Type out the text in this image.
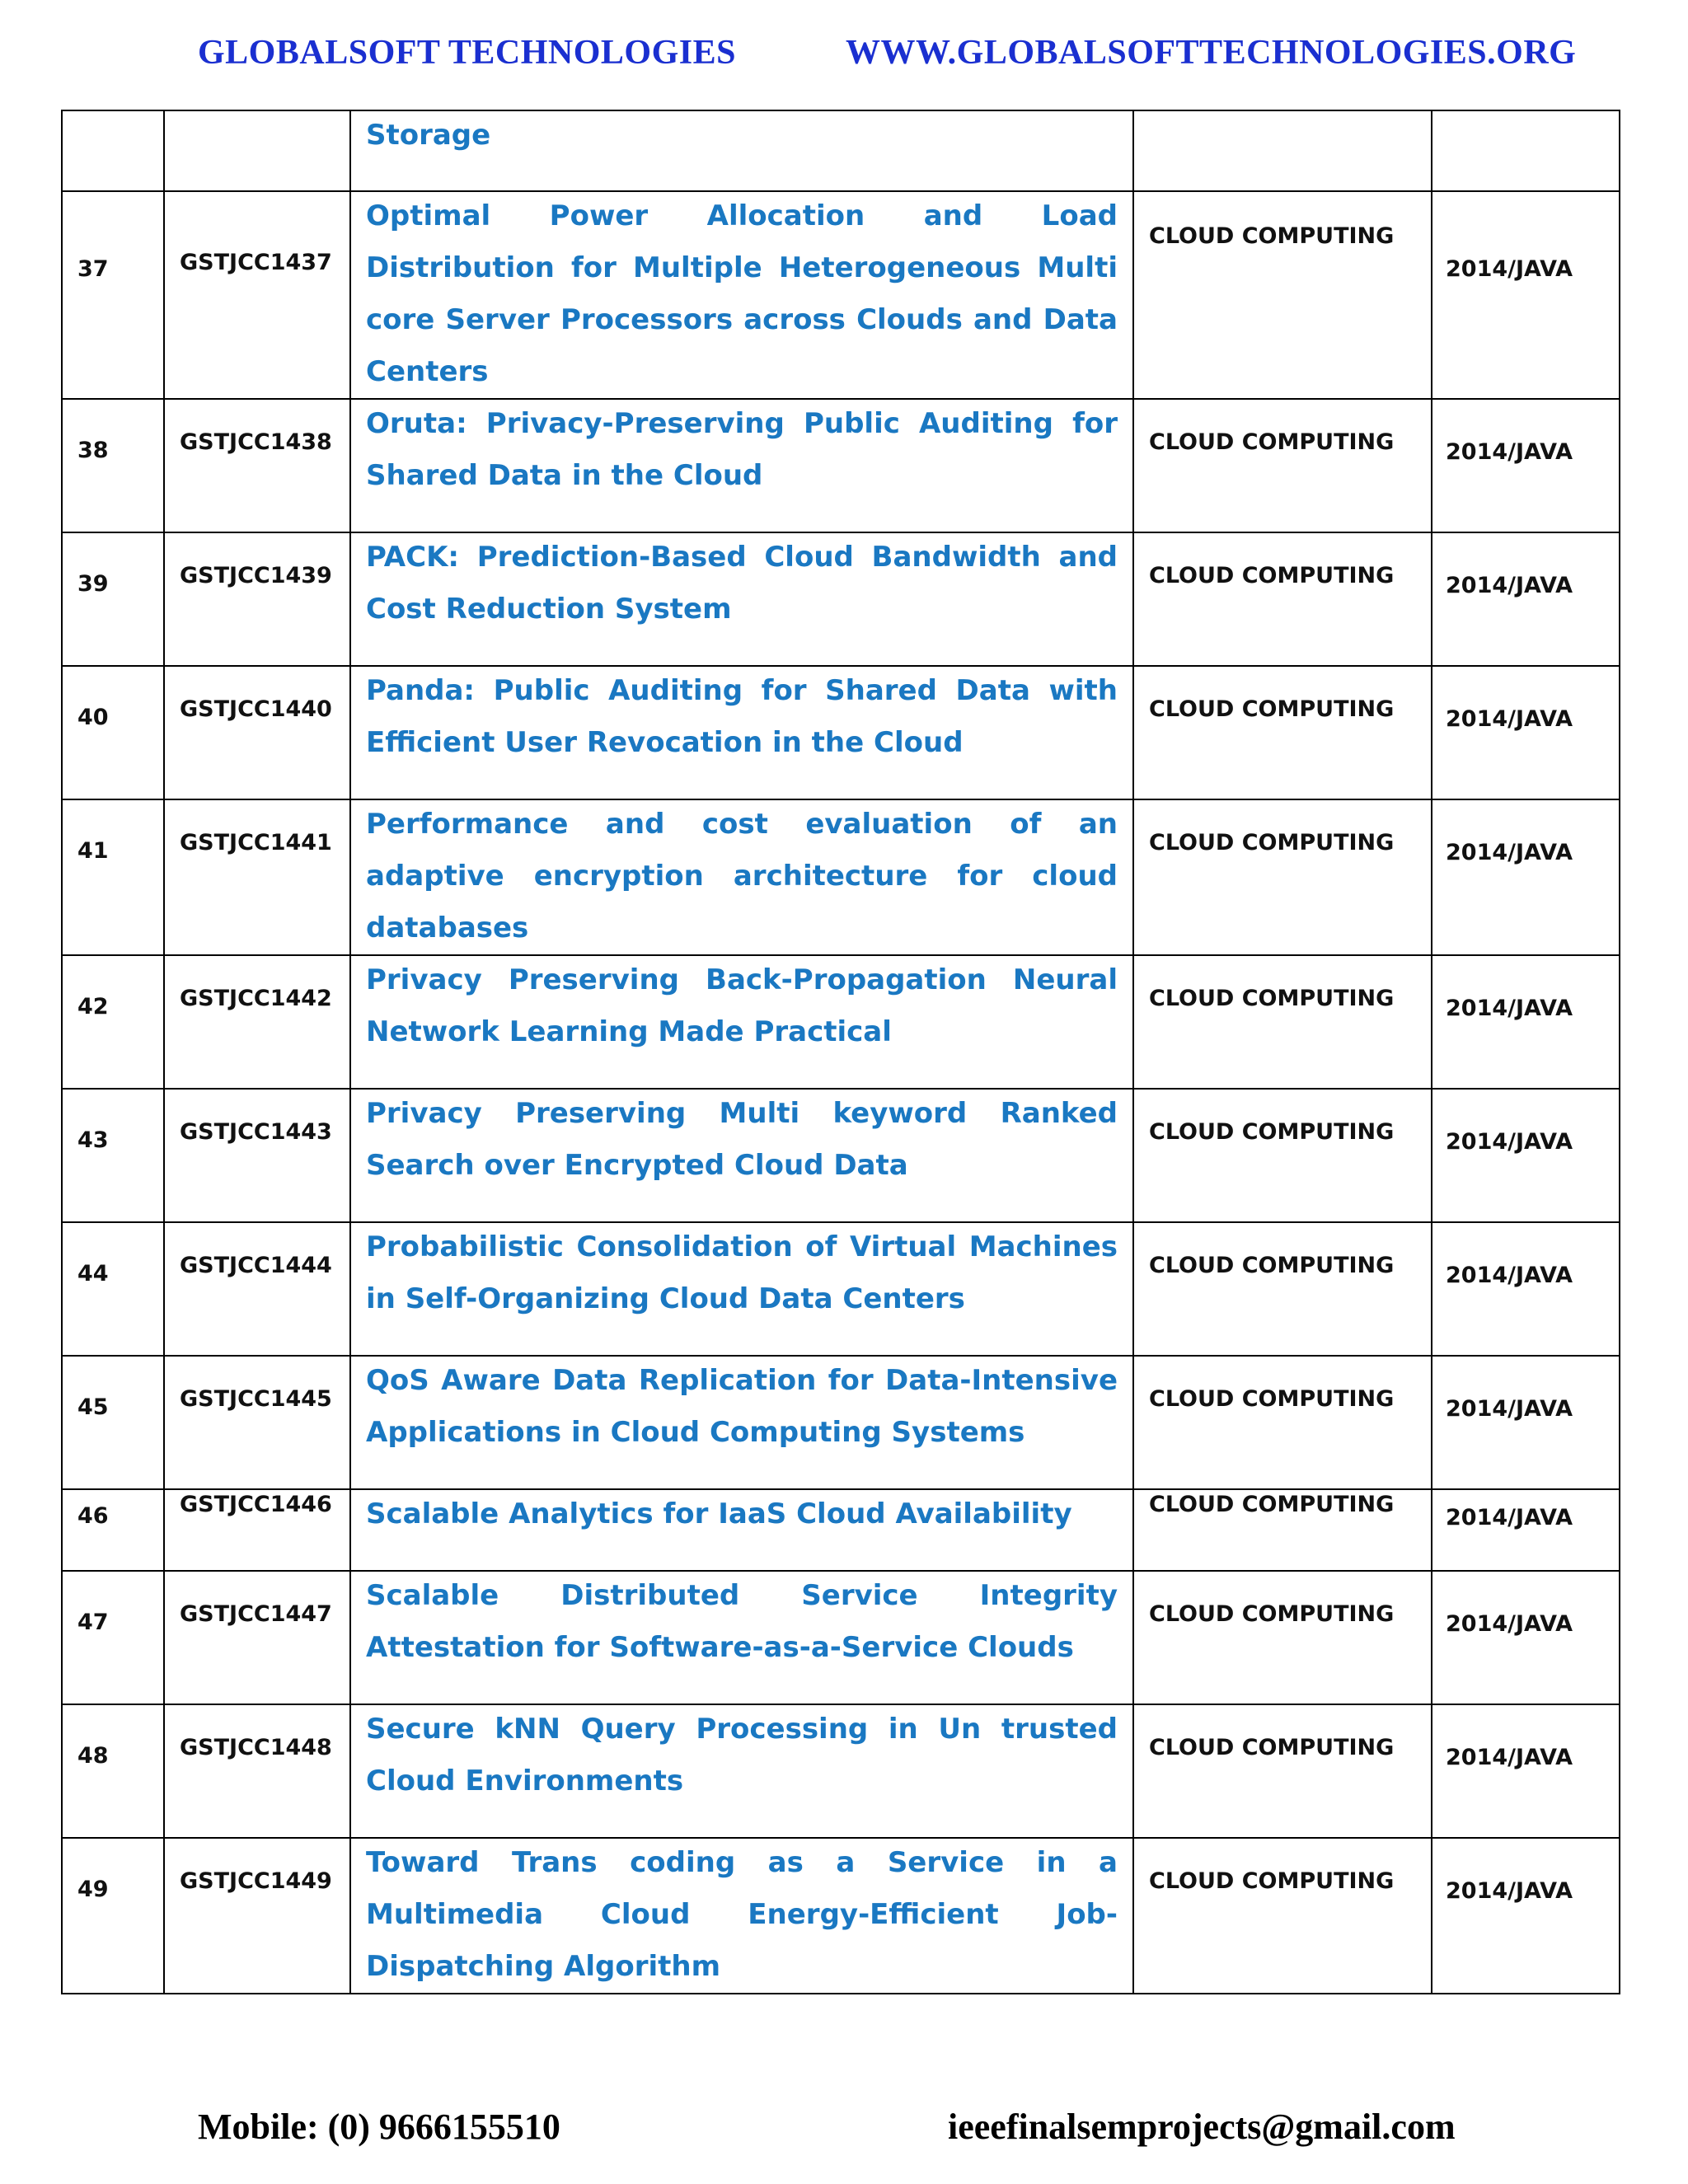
GLOBALSOFT TECHNOLOGIES	WWW.GLOBALSOFTTECHNOLOGIES.ORG

		Storage		

37	GSTJCC1437	Optimal Power Allocation and Load Distribution for Multiple Heterogeneous Multi core Server Processors across Clouds and Data Centers	CLOUD COMPUTING	2014/JAVA

38	GSTJCC1438	Oruta: Privacy-Preserving Public Auditing for Shared Data in the Cloud	CLOUD COMPUTING	2014/JAVA

39	GSTJCC1439	PACK: Prediction-Based Cloud Bandwidth and Cost Reduction System	CLOUD COMPUTING	2014/JAVA

40	GSTJCC1440	Panda: Public Auditing for Shared Data with Efficient User Revocation in the Cloud	CLOUD COMPUTING	2014/JAVA

41	GSTJCC1441	Performance and cost evaluation of an adaptive encryption architecture for cloud databases	CLOUD COMPUTING	2014/JAVA

42	GSTJCC1442	Privacy Preserving Back-Propagation Neural Network Learning Made Practical	CLOUD COMPUTING	2014/JAVA

43	GSTJCC1443	Privacy Preserving Multi keyword Ranked Search over Encrypted Cloud Data	CLOUD COMPUTING	2014/JAVA

44	GSTJCC1444	Probabilistic Consolidation of Virtual Machines in Self-Organizing Cloud Data Centers	CLOUD COMPUTING	2014/JAVA

45	GSTJCC1445	QoS Aware Data Replication for Data-Intensive Applications in Cloud Computing Systems	CLOUD COMPUTING	2014/JAVA

46	GSTJCC1446	Scalable Analytics for IaaS Cloud Availability	CLOUD COMPUTING	2014/JAVA

47	GSTJCC1447	Scalable Distributed Service Integrity Attestation for Software-as-a-Service Clouds	CLOUD COMPUTING	2014/JAVA

48	GSTJCC1448	Secure kNN Query Processing in Un trusted Cloud Environments	CLOUD COMPUTING	2014/JAVA

49	GSTJCC1449	Toward Trans coding as a Service in a Multimedia Cloud Energy-Efficient Job-Dispatching Algorithm	CLOUD COMPUTING	2014/JAVA
Mobile: (0) 9666155510	ieeefinalsemprojects@gmail.com
